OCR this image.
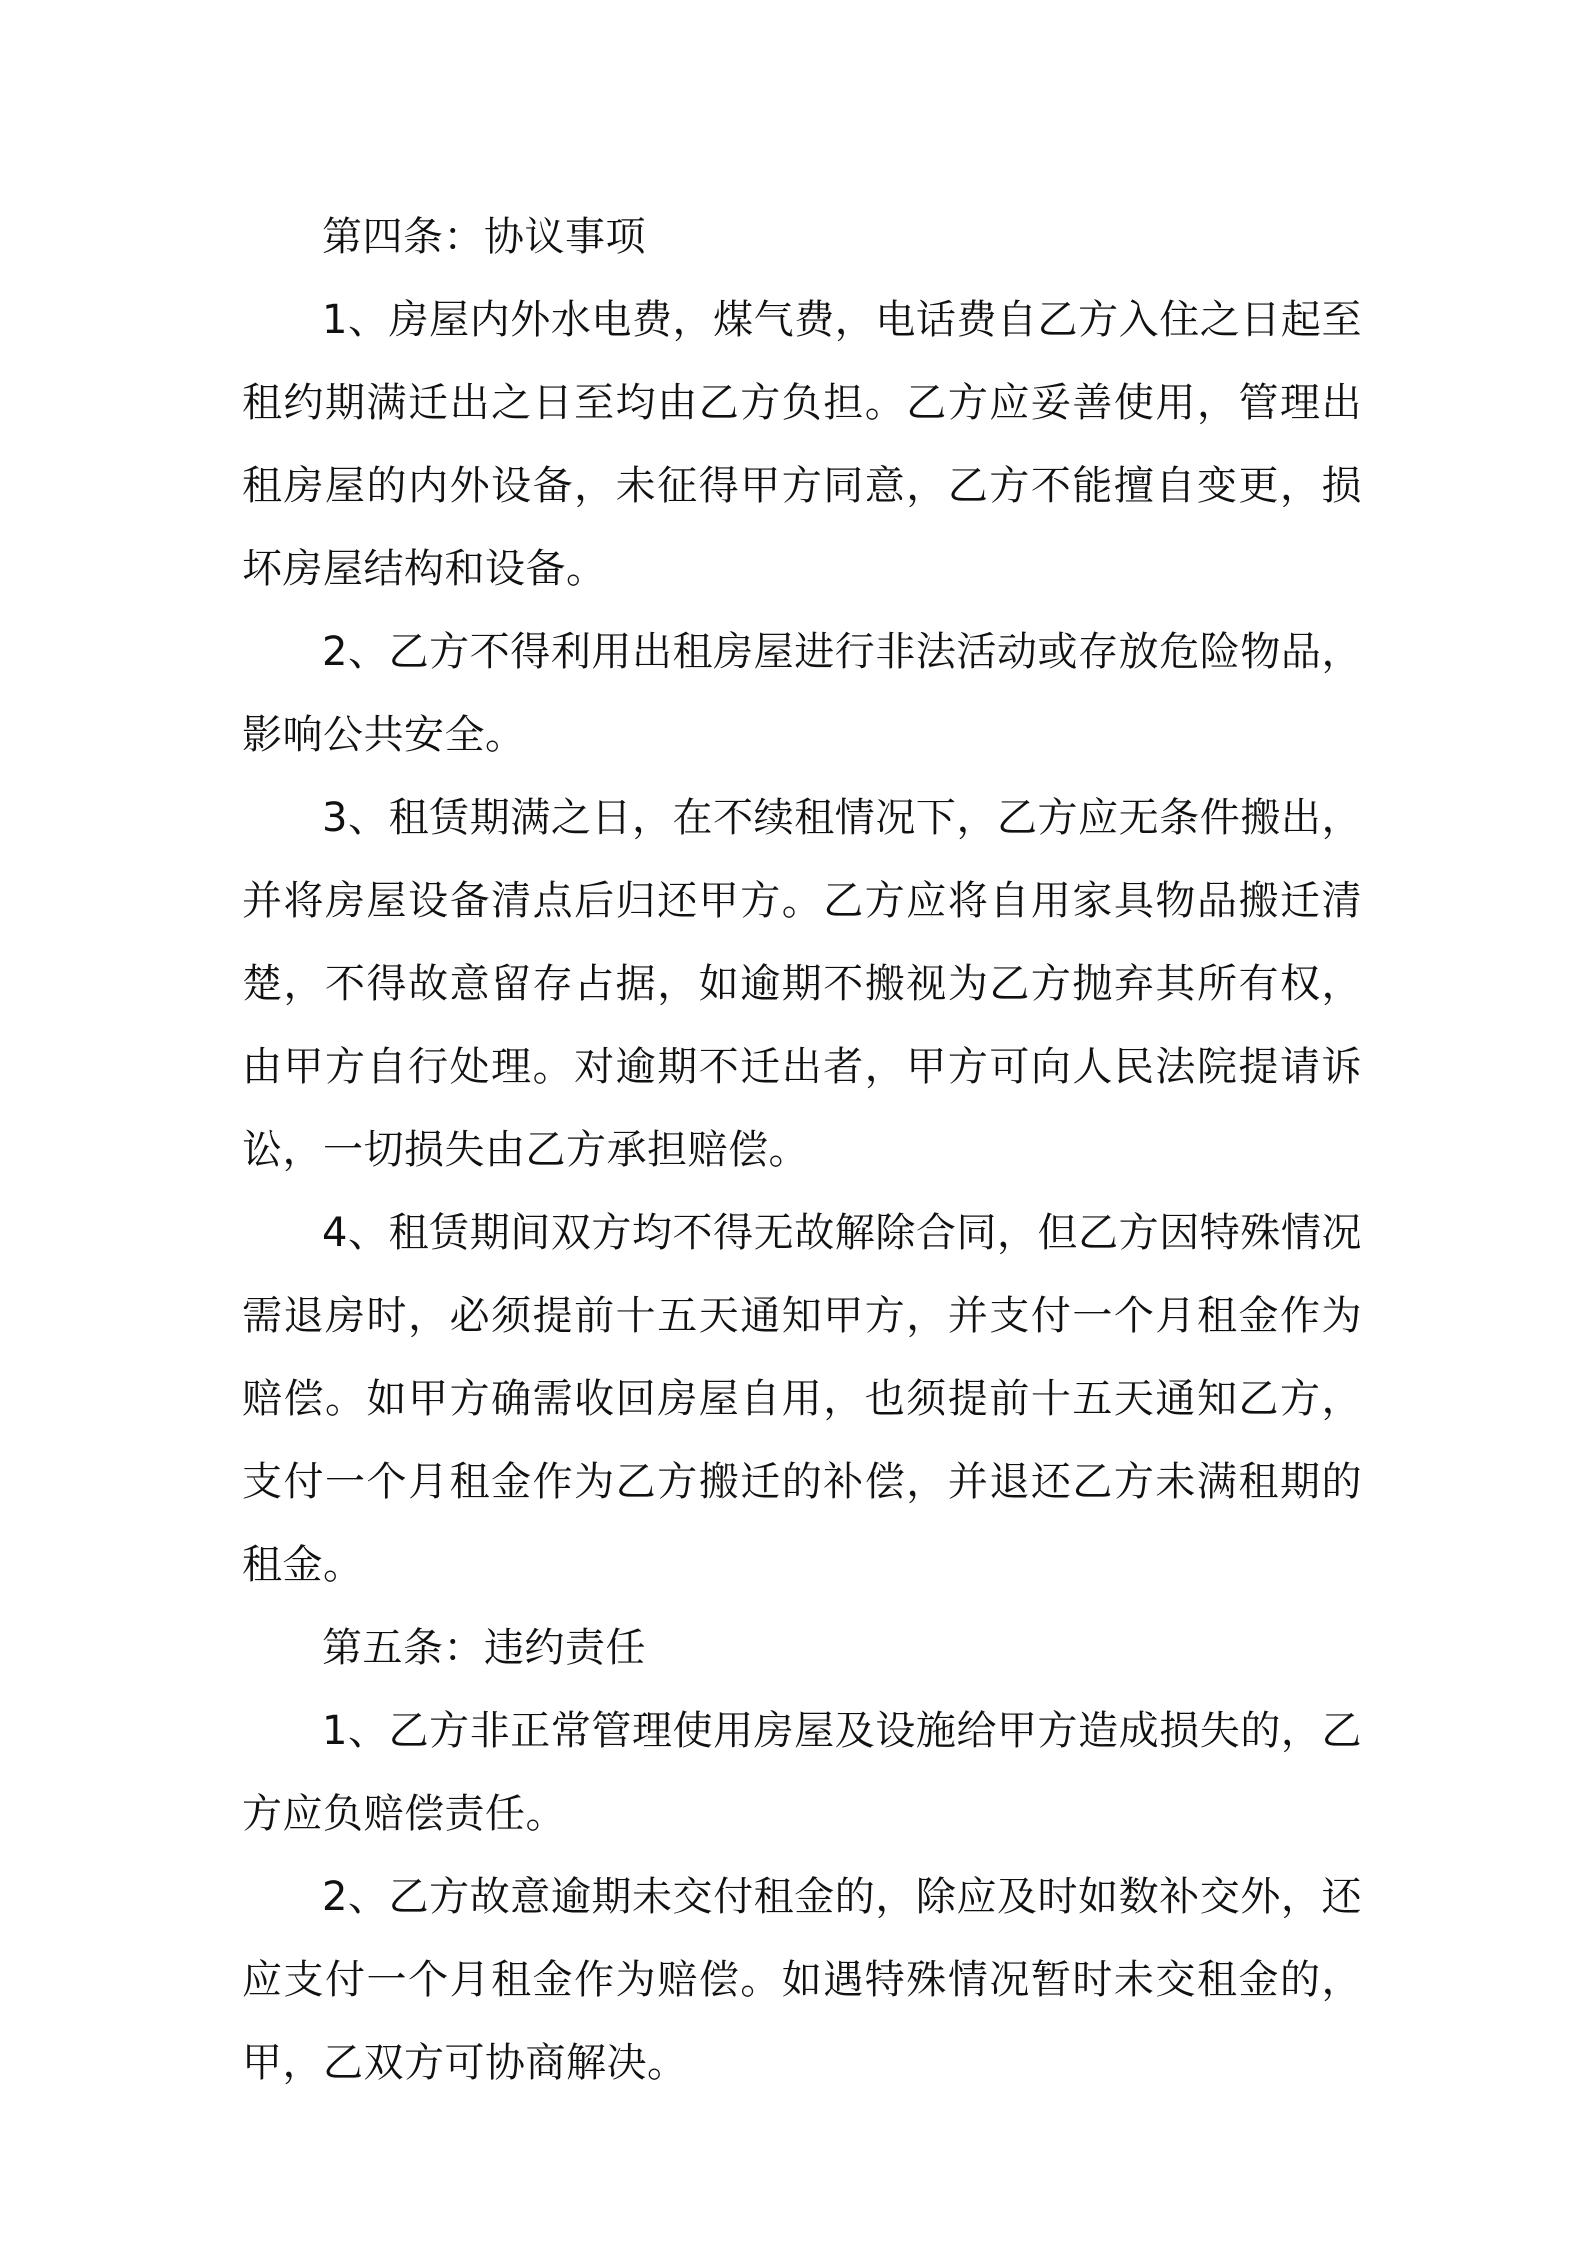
第四条：协议事项

1、房屋内外水电费，煤气费，电话费自乙方入住之日起至租约期满迁出之日至均由乙方负担。乙方应妥善使用，管理出租房屋的内外设备，未征得甲方同意，乙方不能擅自变更，损坏房屋结构和设备。

2、乙方不得利用出租房屋进行非法活动或存放危险物品，影响公共安全。

3、租赁期满之日，在不续租情况下，乙方应无条件搬出，并将房屋设备清点后归还甲方。乙方应将自用家具物品搬迁清楚，不得故意留存占据，如逾期不搬视为乙方抛弃其所有权，由甲方自行处理。对逾期不迁出者，甲方可向人民法院提请诉讼，一切损失由乙方承担赔偿。

4、租赁期间双方均不得无故解除合同，但乙方因特殊情况需退房时，必须提前十五天通知甲方，并支付一个月租金作为赔偿。如甲方确需收回房屋自用，也须提前十五天通知乙方，支付一个月租金作为乙方搬迁的补偿，并退还乙方未满租期的租金。

第五条：违约责任

1、乙方非正常管理使用房屋及设施给甲方造成损失的，乙方应负赔偿责任。

2、乙方故意逾期未交付租金的，除应及时如数补交外，还应支付一个月租金作为赔偿。如遇特殊情况暂时未交租金的，甲，乙双方可协商解决。
